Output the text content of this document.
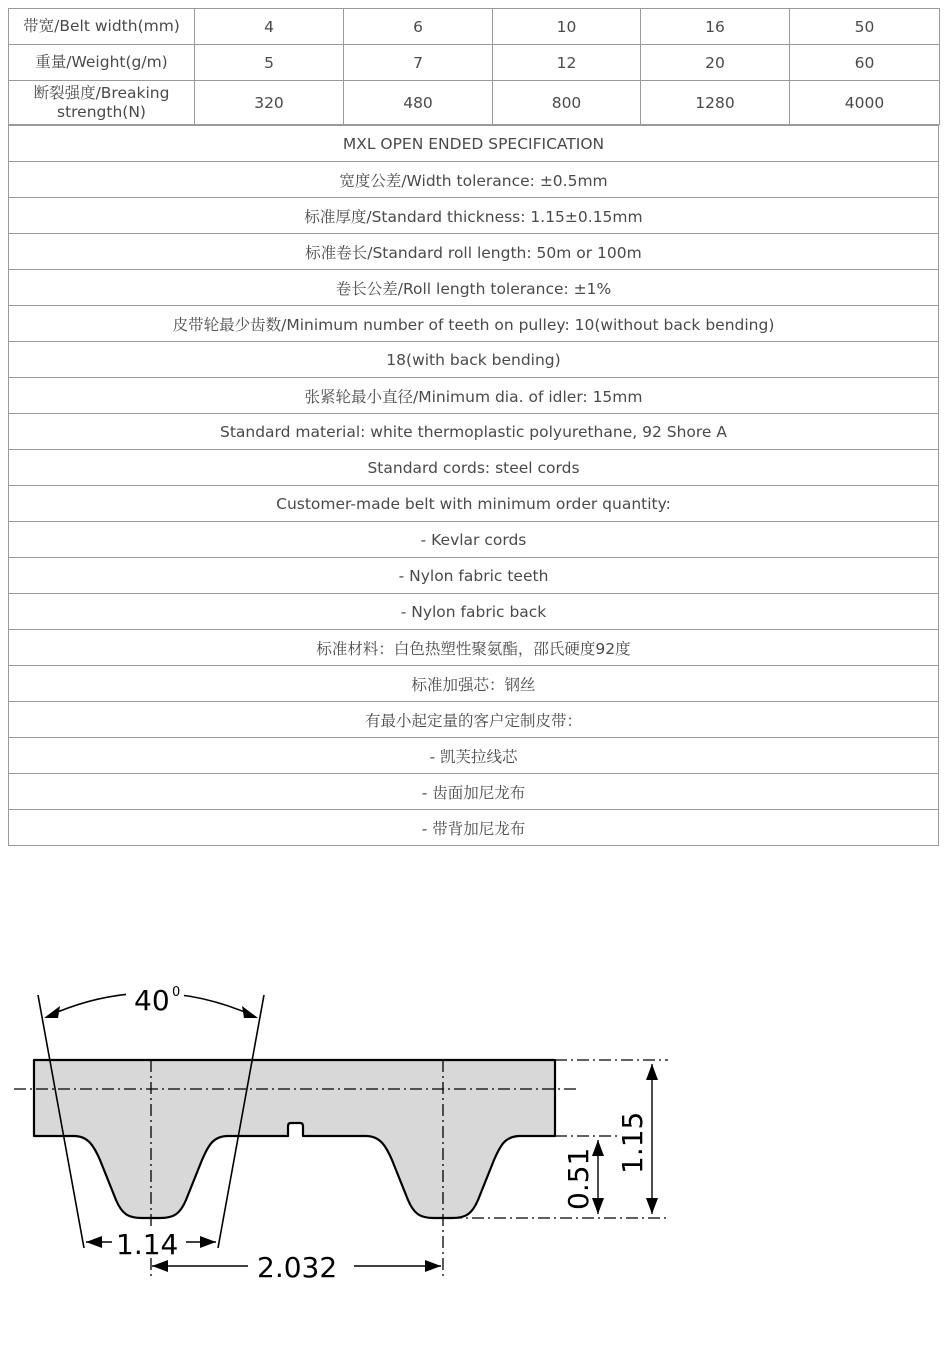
带宽/Belt width(mm)	4	6	10	16	50
重量/Weight(g/m)	5	7	12	20	60
断裂强度/Breaking strength(N)	320	480	800	1280	4000
MXL OPEN ENDED SPECIFICATION
宽度公差/Width tolerance: ±0.5mm
标准厚度/Standard thickness: 1.15±0.15mm
标准卷长/Standard roll length: 50m or 100m
卷长公差/Roll length tolerance: ±1%
皮带轮最少齿数/Minimum number of teeth on pulley: 10(without back bending)
18(with back bending)
张紧轮最小直径/Minimum dia. of idler: 15mm
Standard material: white thermoplastic polyurethane, 92 Shore A
Standard cords: steel cords
Customer-made belt with minimum order quantity:
- Kevlar cords
- Nylon fabric teeth
- Nylon fabric back
标准材料：白色热塑性聚氨酯，邵氏硬度92度
标准加强芯：钢丝
有最小起定量的客户定制皮带：
- 凯芙拉线芯
- 齿面加尼龙布
- 带背加尼龙布
40 0
1.14
2.032
0.51
1.15
